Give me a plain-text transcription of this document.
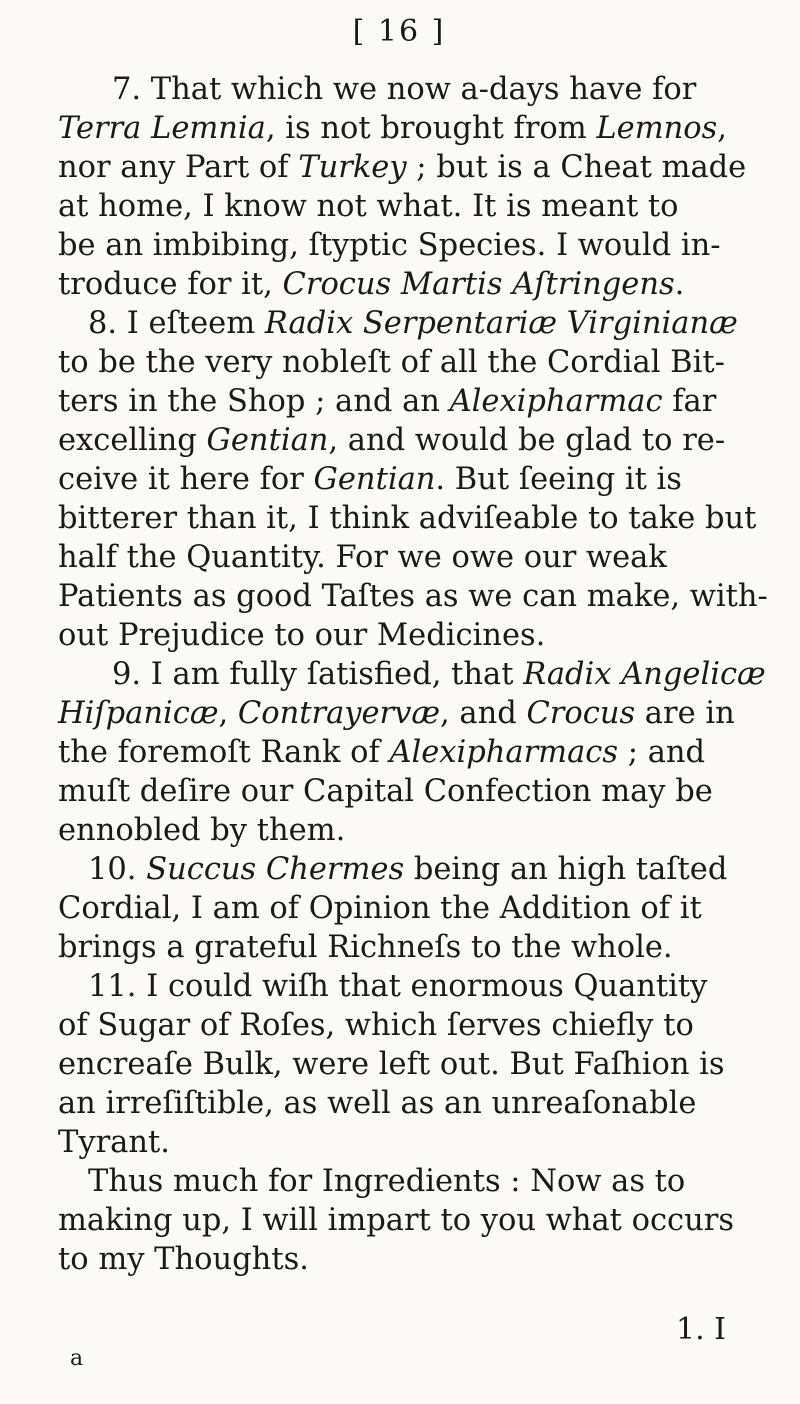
[ 16 ]
7. That which we now a-days have for
Terra Lemnia, is not brought from Lemnos,
nor any Part of Turkey ; but is a Cheat made
at home, I know not what. It is meant to
be an imbibing, ſtyptic Species. I would in-
troduce for it, Crocus Martis Aſtringens.
8. I eſteem Radix Serpentariæ Virginianæ
to be the very nobleſt of all the Cordial Bit-
ters in the Shop ; and an Alexipharmac far
excelling Gentian, and would be glad to re-
ceive it here for Gentian. But ſeeing it is
bitterer than it, I think adviſeable to take but
half the Quantity. For we owe our weak
Patients as good Taſtes as we can make, with-
out Prejudice to our Medicines.
9. I am fully ſatisfied, that Radix Angelicæ
Hiſpanicæ, Contrayervæ, and Crocus are in
the foremoſt Rank of Alexipharmacs ; and
muſt deſire our Capital Confection may be
ennobled by them.
10. Succus Chermes being an high taſted
Cordial, I am of Opinion the Addition of it
brings a grateful Richneſs to the whole.
11. I could wiſh that enormous Quantity
of Sugar of Roſes, which ſerves chiefly to
encreaſe Bulk, were left out. But Faſhion is
an irreſiſtible, as well as an unreaſonable
Tyrant.
Thus much for Ingredients : Now as to
making up, I will impart to you what occurs
to my Thoughts.
1. I
a
